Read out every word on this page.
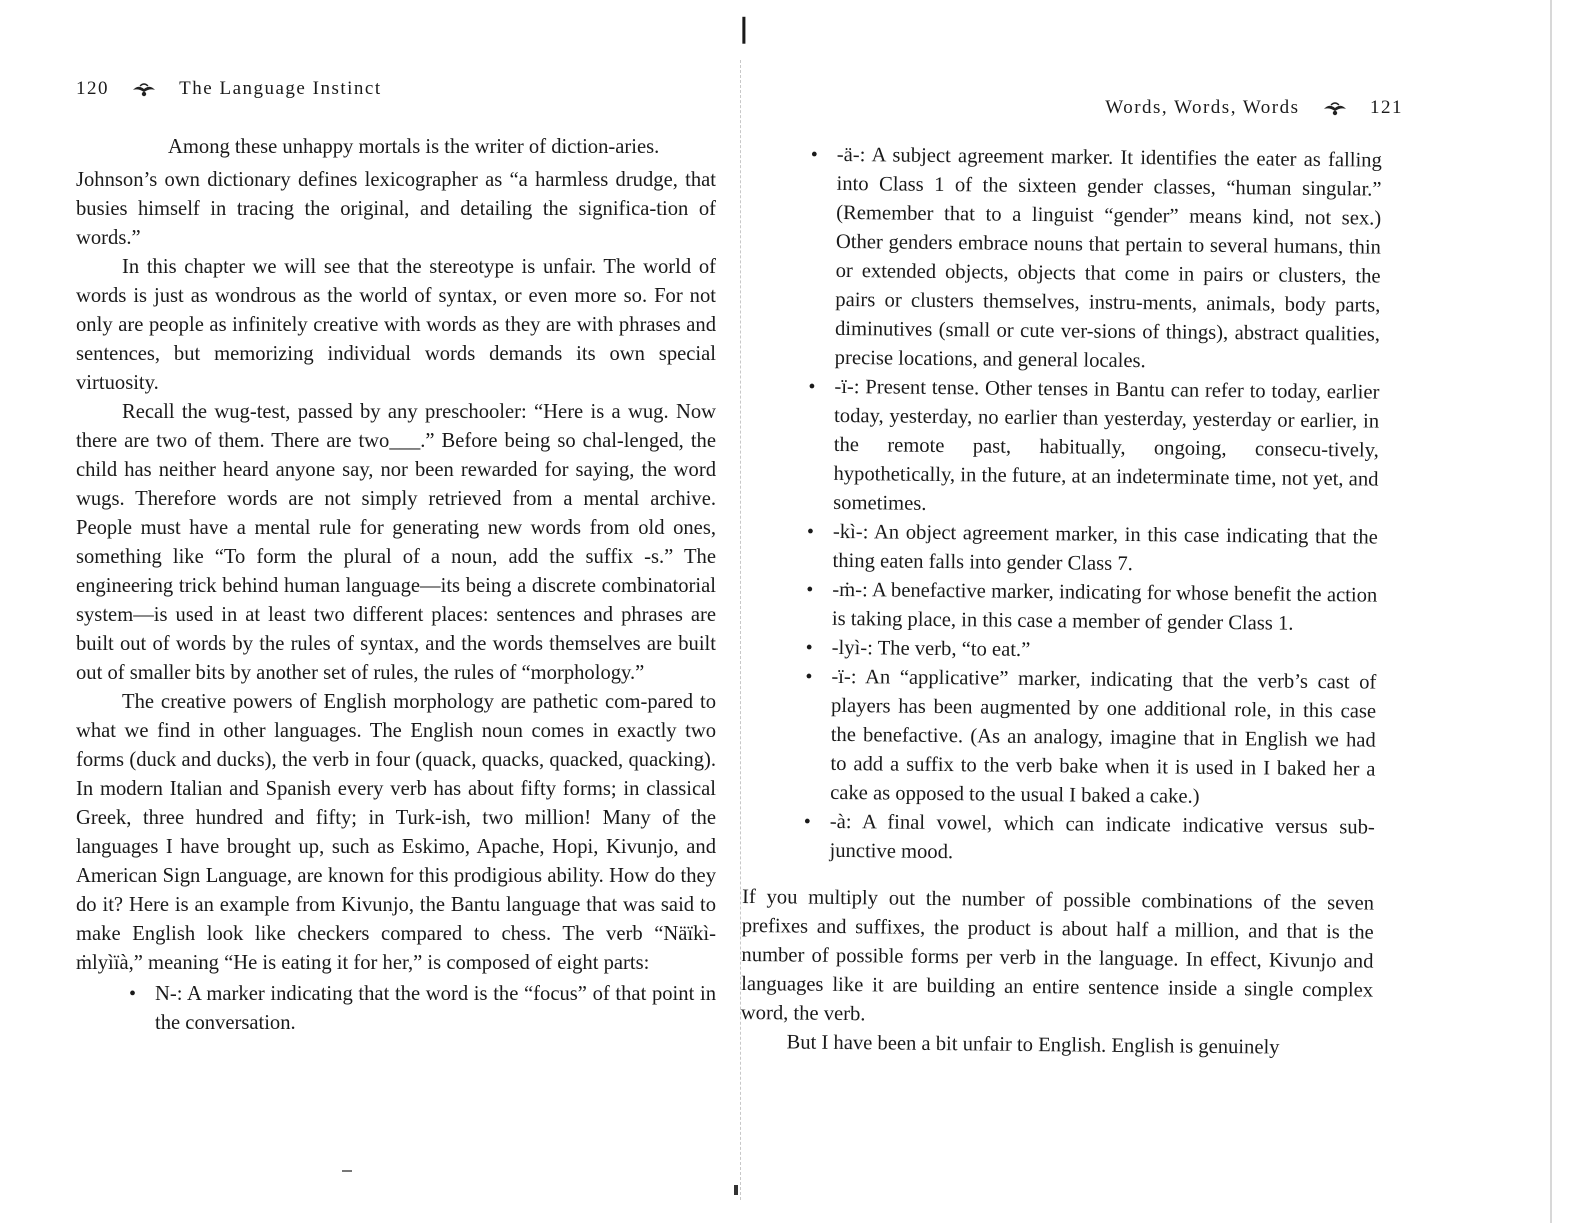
120	The Language Instinct

Among these unhappy mortals is the writer of diction-aries.

Johnson’s own dictionary defines lexicographer as “a harmless drudge, that busies himself in tracing the original, and detailing the significa-tion of words.”

In this chapter we will see that the stereotype is unfair. The world of words is just as wondrous as the world of syntax, or even more so. For not only are people as infinitely creative with words as they are with phrases and sentences, but memorizing individual words demands its own special virtuosity.

Recall the wug-test, passed by any preschooler: “Here is a wug. Now there are two of them. There are two___.” Before being so chal-lenged, the child has neither heard anyone say, nor been rewarded for saying, the word wugs. Therefore words are not simply retrieved from a mental archive. People must have a mental rule for generating new words from old ones, something like “To form the plural of a noun, add the suffix -s.” The engineering trick behind human language—its being a discrete combinatorial system—is used in at least two different places: sentences and phrases are built out of words by the rules of syntax, and the words themselves are built out of smaller bits by another set of rules, the rules of “morphology.”

The creative powers of English morphology are pathetic com-pared to what we find in other languages. The English noun comes in exactly two forms (duck and ducks), the verb in four (quack, quacks, quacked, quacking). In modern Italian and Spanish every verb has about fifty forms; in classical Greek, three hundred and fifty; in Turk-ish, two million! Many of the languages I have brought up, such as Eskimo, Apache, Hopi, Kivunjo, and American Sign Language, are known for this prodigious ability. How do they do it? Here is an example from Kivunjo, the Bantu language that was said to make English look like checkers compared to chess. The verb “Näïkì-ṁlyìïà,” meaning “He is eating it for her,” is composed of eight parts:

• N-: A marker indicating that the word is the “focus” of that point in the conversation.
❘
Words, Words, Words	121
• -ä-: A subject agreement marker. It identifies the eater as falling into Class 1 of the sixteen gender classes, “human singular.” (Remember that to a linguist “gender” means kind, not sex.) Other genders embrace nouns that pertain to several humans, thin or extended objects, objects that come in pairs or clusters, the pairs or clusters themselves, instru-ments, animals, body parts, diminutives (small or cute ver-sions of things), abstract qualities, precise locations, and general locales.
• -ï-: Present tense. Other tenses in Bantu can refer to today, earlier today, yesterday, no earlier than yesterday, yesterday or earlier, in the remote past, habitually, ongoing, consecu-tively, hypothetically, in the future, at an indeterminate time, not yet, and sometimes.
• -kì-: An object agreement marker, in this case indicating that the thing eaten falls into gender Class 7.
• -ṁ-: A benefactive marker, indicating for whose benefit the action is taking place, in this case a member of gender Class 1.
• -lyì-: The verb, “to eat.”
• -ï-: An “applicative” marker, indicating that the verb’s cast of players has been augmented by one additional role, in this case the benefactive. (As an analogy, imagine that in English we had to add a suffix to the verb bake when it is used in I baked her a cake as opposed to the usual I baked a cake.)
• -à: A final vowel, which can indicate indicative versus sub-junctive mood.

If you multiply out the number of possible combinations of the seven prefixes and suffixes, the product is about half a million, and that is the number of possible forms per verb in the language. In effect, Kivunjo and languages like it are building an entire sentence inside a single complex word, the verb.

But I have been a bit unfair to English. English is genuinely
